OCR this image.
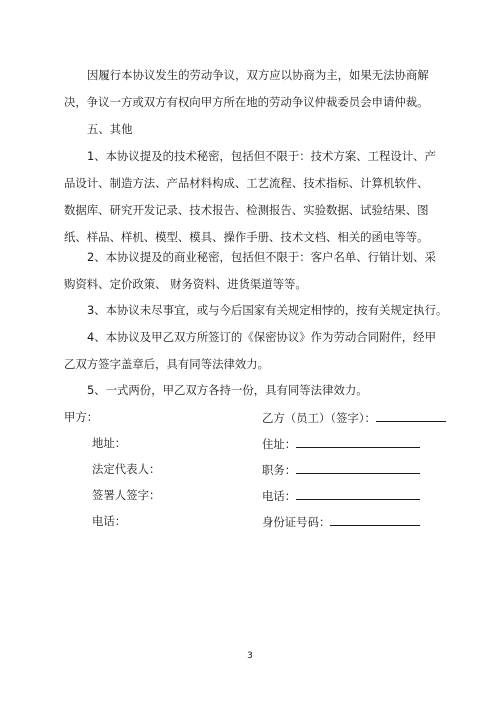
因履行本协议发生的劳动争议，双方应以协商为主，如果无法协商解决，争议一方或双方有权向甲方所在地的劳动争议仲裁委员会申请仲裁。

五、其他

1、本协议提及的技术秘密，包括但不限于：技术方案、工程设计、产品设计、制造方法、产品材料构成、工艺流程、技术指标、计算机软件、数据库、研究开发记录、技术报告、检测报告、实验数据、试验结果、图纸、样品、样机、模型、模具、操作手册、技术文档、相关的函电等等。

2、本协议提及的商业秘密，包括但不限于：客户名单、行销计划、采购资料、定价政策、 财务资料、进货渠道等等。

3、本协议未尽事宜，或与今后国家有关规定相悖的，按有关规定执行。

4、本协议及甲乙双方所签订的《保密协议》作为劳动合同附件，经甲乙双方签字盖章后，具有同等法律效力。

5、一式两份，甲乙双方各持一份，具有同等法律效力。

甲方：	乙方（员工）（签字）：
地址：	住址：
法定代表人：	职务：
签署人签字：	电话：
电话：	身份证号码：
3
